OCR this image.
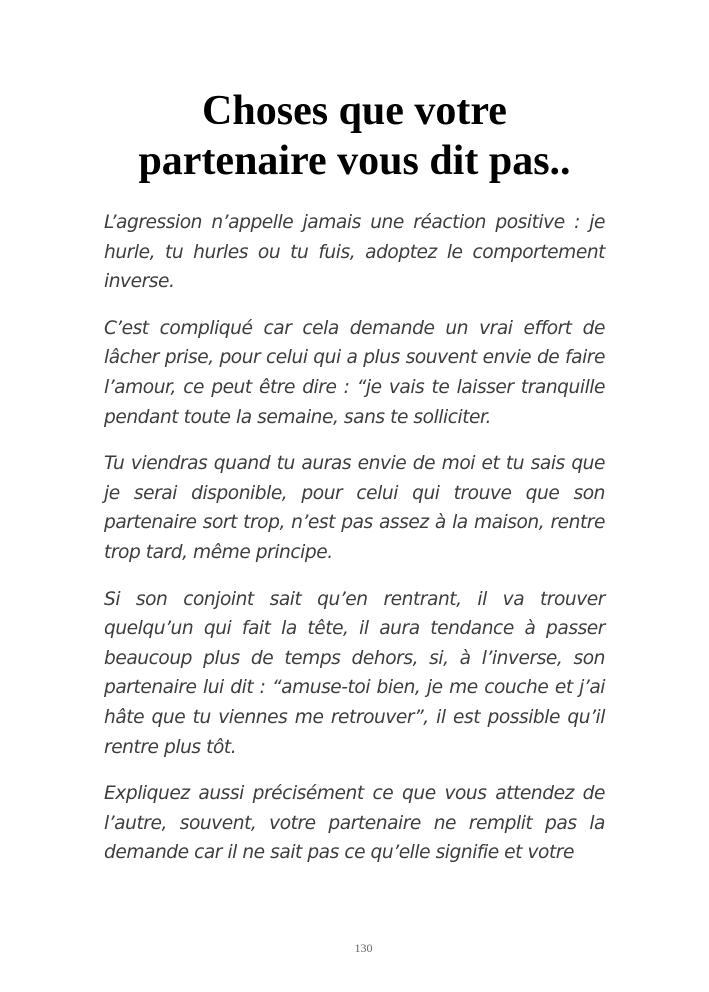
Choses que votre
partenaire vous dit pas..

L’agression n’appelle jamais une réaction positive : je hurle, tu hurles ou tu fuis, adoptez le comportement inverse.

C’est compliqué car cela demande un vrai effort de lâcher prise, pour celui qui a plus souvent envie de faire l’amour, ce peut être dire : “je vais te laisser tranquille pendant toute la semaine, sans te solliciter.

Tu viendras quand tu auras envie de moi et tu sais que je serai disponible, pour celui qui trouve que son partenaire sort trop, n’est pas assez à la maison, rentre trop tard, même principe.

Si son conjoint sait qu’en rentrant, il va trouver quelqu’un qui fait la tête, il aura tendance à passer beaucoup plus de temps dehors, si, à l’inverse, son partenaire lui dit : “amuse-toi bien, je me couche et j’ai hâte que tu viennes me retrouver”, il est possible qu’il rentre plus tôt.

Expliquez aussi précisément ce que vous attendez de l’autre, souvent, votre partenaire ne remplit pas la demande car il ne sait pas ce qu’elle signifie et votre

130
